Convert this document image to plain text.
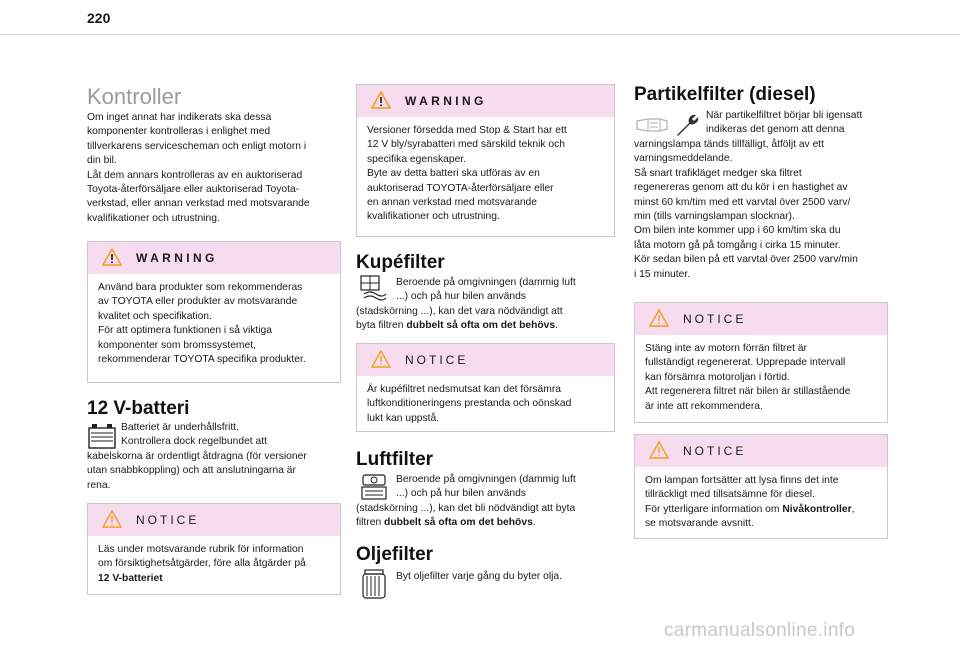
220
Kontroller
Om inget annat har indikerats ska dessa
komponenter kontrolleras i enlighet med
tillverkarens servicescheman och enligt motorn i
din bil.
Låt dem annars kontrolleras av en auktoriserad
Toyota-återförsäljare eller auktoriserad Toyota-
verkstad, eller annan verkstad med motsvarande
kvalifikationer och utrustning.
WARNING
Använd bara produkter som rekommenderas
av TOYOTA eller produkter av motsvarande
kvalitet och specifikation.
För att optimera funktionen i så viktiga
komponenter som bromssystemet,
rekommenderar TOYOTA specifika produkter.
12 V-batteri
Batteriet är underhållsfritt.
Kontrollera dock regelbundet att
kabelskorna är ordentligt åtdragna (för versioner
utan snabbkoppling) och att anslutningarna är
rena.
NOTICE
Läs under motsvarande rubrik för information
om försiktighetsåtgärder, före alla åtgärder på
12 V-batteriet
WARNING
Versioner försedda med Stop & Start har ett
12 V bly/syrabatteri med särskild teknik och
specifika egenskaper.
Byte av detta batteri ska utföras av en
auktoriserad TOYOTA-återförsäljare eller
en annan verkstad med motsvarande
kvalifikationer och utrustning.
Kupéfilter
Beroende på omgivningen (dammig luft
...) och på hur bilen används
(stadskörning ...), kan det vara nödvändigt att
byta filtren dubbelt så ofta om det behövs.
NOTICE
Är kupéfiltret nedsmutsat kan det försämra
luftkonditioneringens prestanda och oönskad
lukt kan uppstå.
Luftfilter
Beroende på omgivningen (dammig luft
...) och på hur bilen används
(stadskörning ...), kan det bli nödvändigt att byta
filtren dubbelt så ofta om det behövs.
Oljefilter
Byt oljefilter varje gång du byter olja.
Partikelfilter (diesel)
När partikelfiltret börjar bli igensatt
indikeras det genom att denna
varningslampa tänds tillfälligt, åtföljt av ett
varningsmeddelande.
Så snart trafikläget medger ska filtret
regenereras genom att du kör i en hastighet av
minst 60 km/tim med ett varvtal över 2500 varv/
min (tills varningslampan slocknar).
Om bilen inte kommer upp i 60 km/tim ska du
låta motorn gå på tomgång i cirka 15 minuter.
Kör sedan bilen på ett varvtal över 2500 varv/min
i 15 minuter.
NOTICE
Stäng inte av motorn förrän filtret är
fullständigt regenererat. Upprepade intervall
kan försämra motoroljan i förtid.
Att regenerera filtret när bilen är stillastående
är inte att rekommendera.
NOTICE
Om lampan fortsätter att lysa finns det inte
tillräckligt med tillsatsämne för diesel.
För ytterligare information om Nivåkontroller,
se motsvarande avsnitt.
carmanualsonline.info
